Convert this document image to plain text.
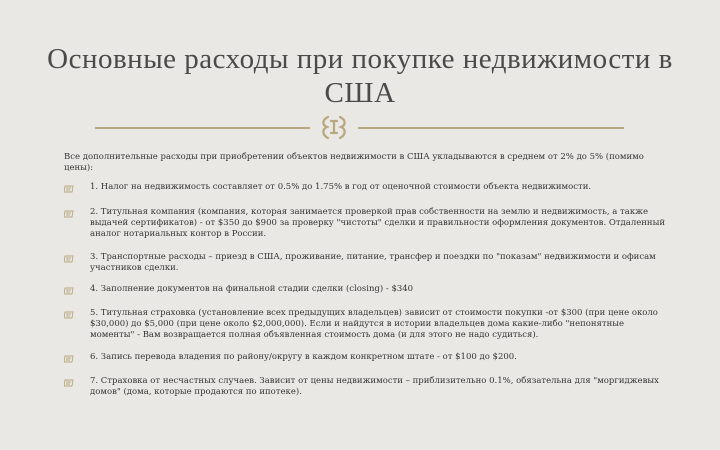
Основные расходы при покупке недвижимости в США
Все дополнительные расходы при приобретении объектов недвижимости в США укладываются в среднем от 2% до 5% (помимо цены):
1. Налог на недвижимость составляет от 0.5% до 1.75% в год от оценочной стоимости объекта недвижимости.
2. Титульная компания (компания, которая занимается проверкой прав собственности на землю и недвижимость, а также выдачей сертификатов) - от $350 до $900 за проверку "чистоты" сделки и правильности оформления документов. Отдаленный аналог нотариальных контор в России.
3. Транспортные расходы – приезд в США, проживание, питание, трансфер и поездки по "показам" недвижимости и офисам участников сделки.
4. Заполнение документов на финальной стадии сделки (closing) - $340
5. Титульная страховка (установление всех предыдущих владельцев) зависит от стоимости покупки -от $300 (при цене около $30,000) до $5,000 (при цене около $2,000,000). Если и найдутся в истории владельцев дома какие-либо "непонятные моменты" - Вам возвращается полная объявленная стоимость дома (и для этого не надо судиться).
6. Запись перевода владения по району/округу в каждом конкретном штате - от $100 до $200.
7. Страховка от несчастных случаев. Зависит от цены недвижимости – приблизительно 0.1%, обязательна для "моргиджевых домов" (дома, которые продаются по ипотеке).
